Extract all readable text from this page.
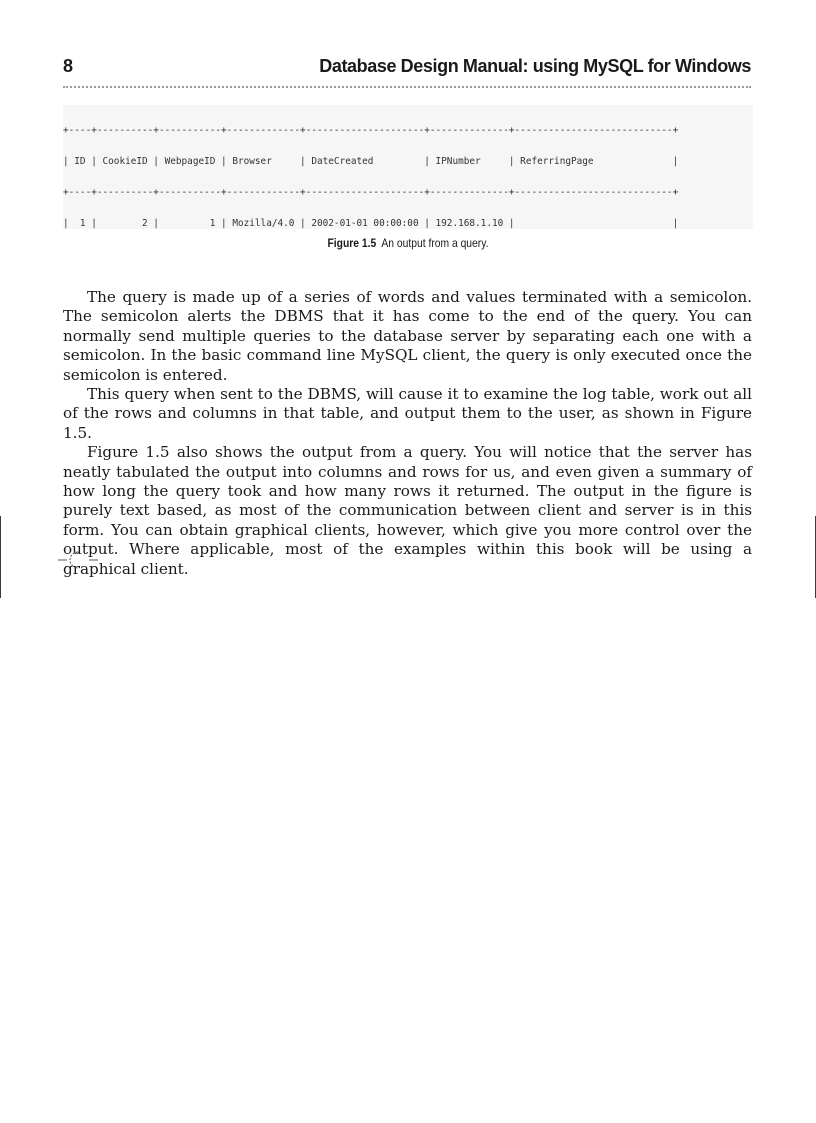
8	Database Design Manual: using MySQL for Windows

+----+----------+-----------+-------------+---------------------+--------------+----------------------------+

| ID | CookieID | WebpageID | Browser     | DateCreated         | IPNumber     | ReferringPage              |

+----+----------+-----------+-------------+---------------------+--------------+----------------------------+

|  1 |        2 |         1 | Mozilla/4.0 | 2002-01-01 00:00:00 | 192.168.1.10 |                            |

Figure 1.5 An output from a query.

The query is made up of a series of words and values terminated with a semicolon. The semicolon alerts the DBMS that it has come to the end of the query. You can normally send multiple queries to the database server by separating each one with a semicolon. In the basic command line MySQL client, the query is only executed once the semicolon is entered.

This query when sent to the DBMS, will cause it to examine the log table, work out all of the rows and columns in that table, and output them to the user, as shown in Figure 1.5.

Figure 1.5 also shows the output from a query. You will notice that the server has neatly tabulated the output into columns and rows for us, and even given a summary of how long the query took and how many rows it returned. The output in the figure is purely text based, as most of the communication between client and server is in this form. You can obtain graphical clients, however, which give you more control over the output. Where applicable, most of the examples within this book will be using a graphical client.
